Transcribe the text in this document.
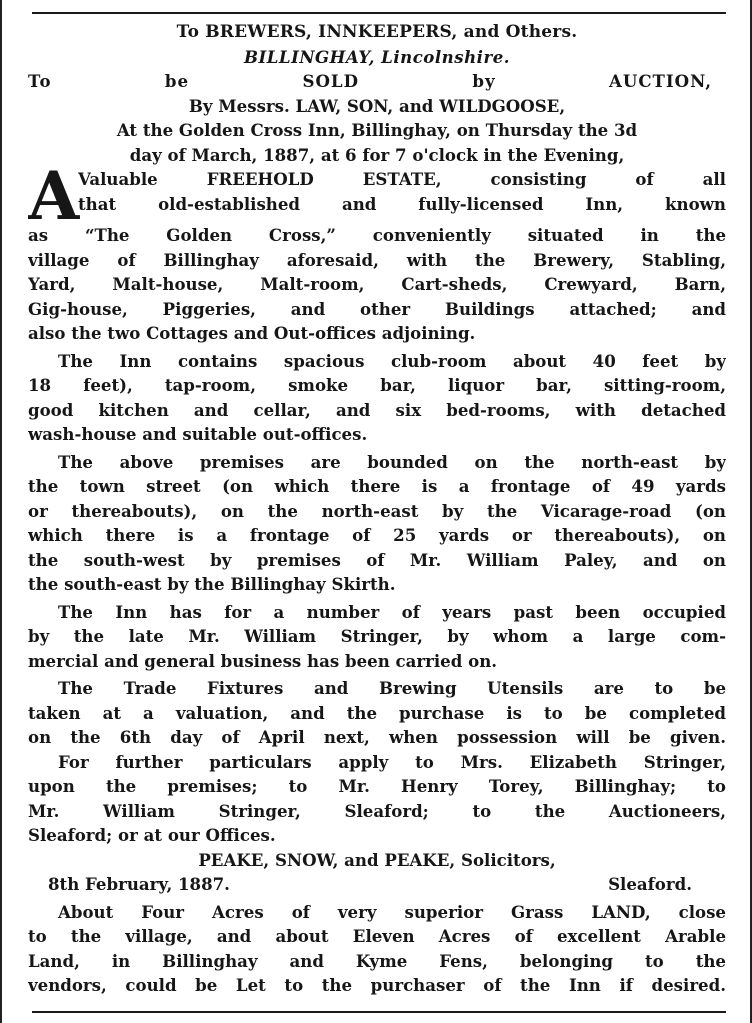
To BREWERS, INNKEEPERS, and Others.
BILLINGHAY, Lincolnshire.
To	be	SOLD	by	AUCTION,
By Messrs. LAW, SON, and WILDGOOSE,
At the Golden Cross Inn, Billinghay, on Thursday the 3d
day of March, 1887, at 6 for 7 o'clock in the Evening,
A
Valuable FREEHOLD ESTATE, consisting of all
that old-established and fully-licensed Inn, known
as “The Golden Cross,” conveniently situated in the
village of Billinghay aforesaid, with the Brewery, Stabling,
Yard, Malt-house, Malt-room, Cart-sheds, Crewyard, Barn,
Gig-house, Piggeries, and other Buildings attached; and
also the two Cottages and Out-offices adjoining.
The Inn contains spacious club-room about 40 feet by
18 feet), tap-room, smoke bar, liquor bar, sitting-room,
good kitchen and cellar, and six bed-rooms, with detached
wash-house and suitable out-offices.
The above premises are bounded on the north-east by
the town street (on which there is a frontage of 49 yards
or thereabouts), on the north-east by the Vicarage-road (on
which there is a frontage of 25 yards or thereabouts), on
the south-west by premises of Mr. William Paley, and on
the south-east by the Billinghay Skirth.
The Inn has for a number of years past been occupied
by the late Mr. William Stringer, by whom a large com-
mercial and general business has been carried on.
The Trade Fixtures and Brewing Utensils are to be
taken at a valuation, and the purchase is to be completed
on the 6th day of April next, when possession will be given.
For further particulars apply to Mrs. Elizabeth Stringer,
upon the premises; to Mr. Henry Torey, Billinghay; to
Mr. William Stringer, Sleaford; to the Auctioneers,
Sleaford; or at our Offices.
PEAKE, SNOW, and PEAKE, Solicitors,
8th February, 1887.	Sleaford.
About Four Acres of very superior Grass LAND, close
to the village, and about Eleven Acres of excellent Arable
Land, in Billinghay and Kyme Fens, belonging to the
vendors, could be Let to the purchaser of the Inn if desired.
